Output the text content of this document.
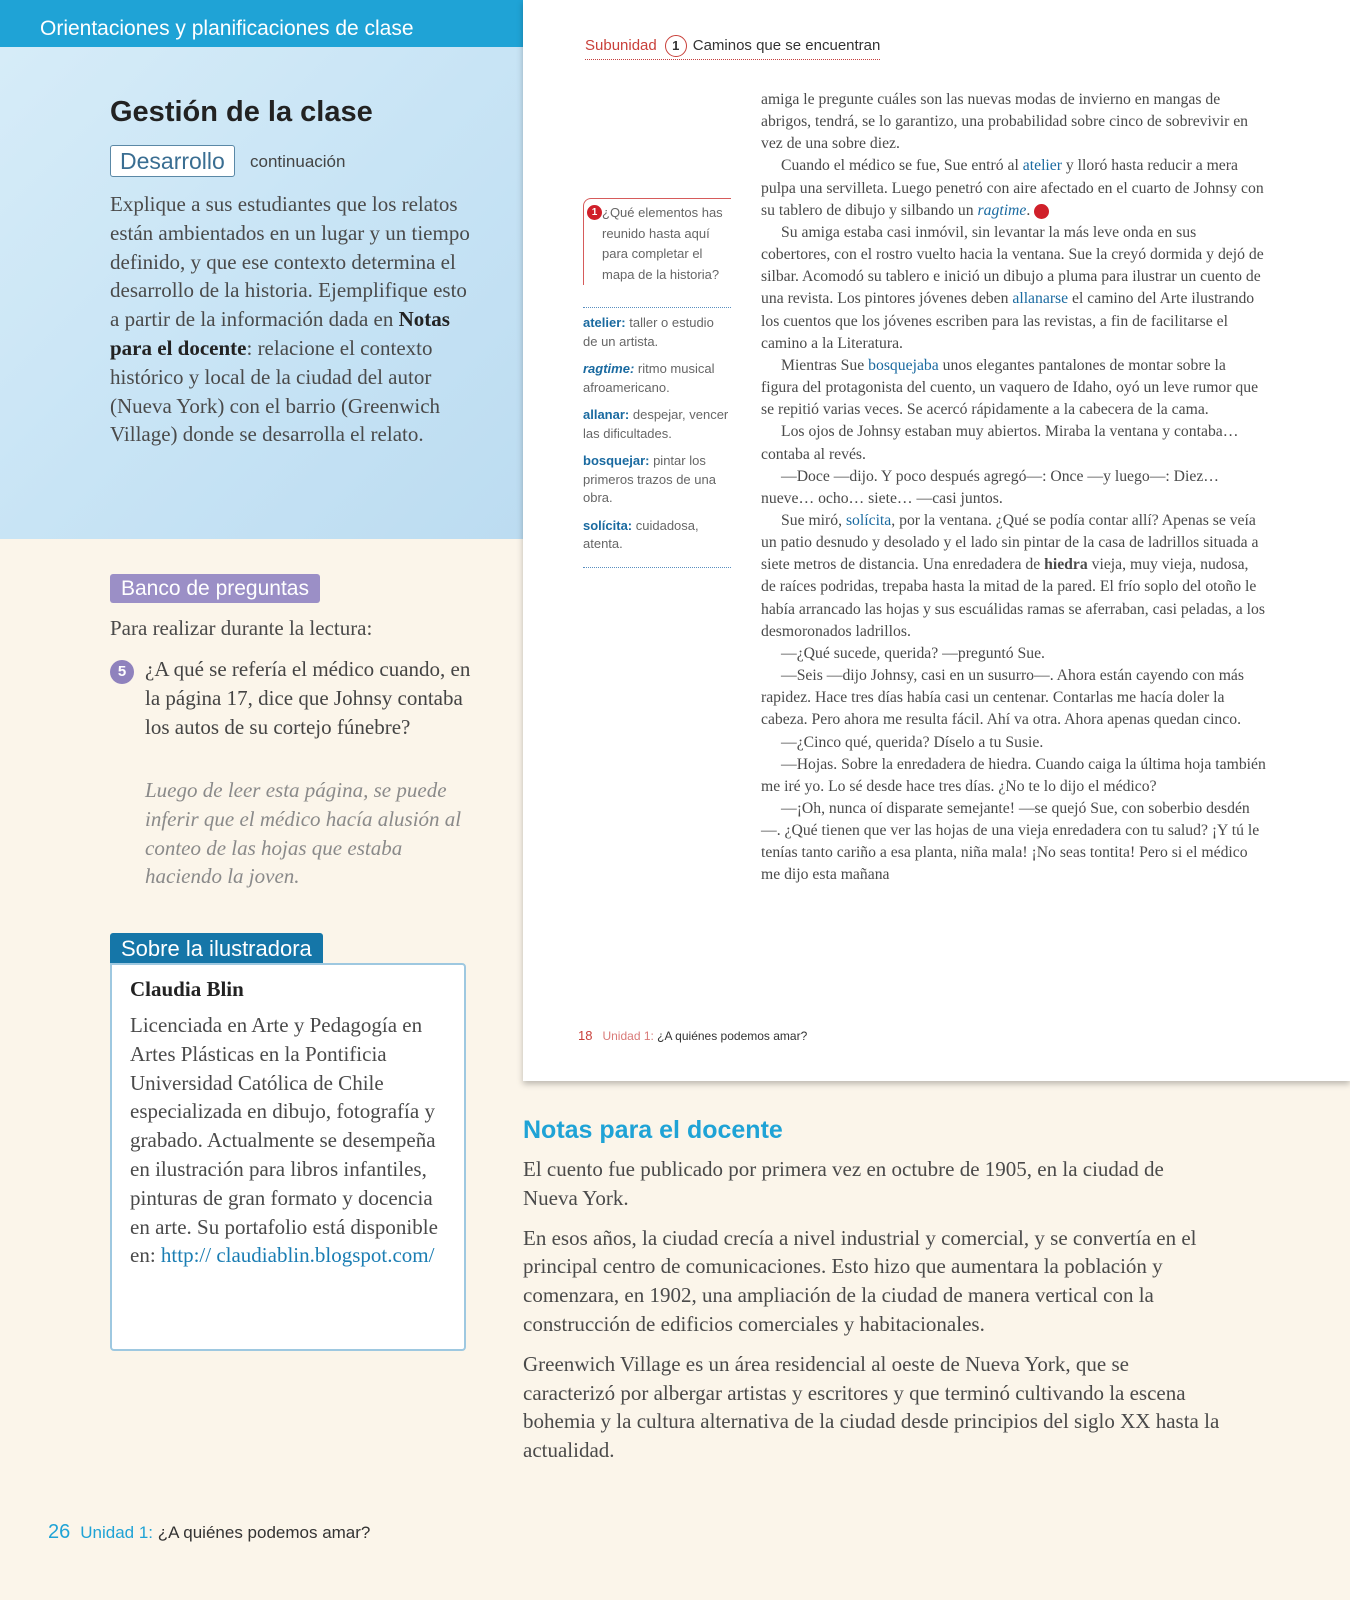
Orientaciones y planificaciones de clase
Gestión de la clase
Desarrollo	continuación

Explique a sus estudiantes que los relatos están ambientados en un lugar y un tiempo definido, y que ese contexto determina el desarrollo de la historia. Ejemplifique esto a partir de la información dada en Notas para el docente: relacione el contexto histórico y local de la ciudad del autor (Nueva York) con el barrio (Greenwich Village) donde se desarrolla el relato.

Banco de preguntas

Para realizar durante la lectura:

5 ¿A qué se refería el médico cuando, en la página 17, dice que Johnsy contaba los autos de su cortejo fúnebre?

Luego de leer esta página, se puede inferir que el médico hacía alusión al conteo de las hojas que estaba haciendo la joven.

Sobre la ilustradora

Claudia Blin

Licenciada en Arte y Pedagogía en Artes Plásticas en la Pontificia Universidad Católica de Chile especializada en dibujo, fotografía y grabado. Actualmente se desempeña en ilustración para libros infantiles, pinturas de gran formato y docencia en arte. Su portafolio está disponible en: http:// claudiablin.blogspot.com/

Subunidad 1 Caminos que se encuentran
1 ¿Qué elementos has reunido hasta aquí para completar el mapa de la historia?

atelier: taller o estudio de un artista.

ragtime: ritmo musical afroamericano.

allanar: despejar, vencer las dificultades.

bosquejar: pintar los primeros trazos de una obra.

solícita: cuidadosa, atenta.

amiga le pregunte cuáles son las nuevas modas de invierno en mangas de abrigos, tendrá, se lo garantizo, una probabilidad sobre cinco de sobrevivir en vez de una sobre diez.

Cuando el médico se fue, Sue entró al atelier y lloró hasta reducir a mera pulpa una servilleta. Luego penetró con aire afectado en el cuarto de Johnsy con su tablero de dibujo y silbando un ragtime. 1

Su amiga estaba casi inmóvil, sin levantar la más leve onda en sus cobertores, con el rostro vuelto hacia la ventana. Sue la creyó dormida y dejó de silbar. Acomodó su tablero e inició un dibujo a pluma para ilustrar un cuento de una revista. Los pintores jóvenes deben allanarse el camino del Arte ilustrando los cuentos que los jóvenes escriben para las revistas, a fin de facilitarse el camino a la Literatura.

Mientras Sue bosquejaba unos elegantes pantalones de montar sobre la figura del protagonista del cuento, un vaquero de Idaho, oyó un leve rumor que se repitió varias veces. Se acercó rápidamente a la cabecera de la cama.

Los ojos de Johnsy estaban muy abiertos. Miraba la ventana y contaba… contaba al revés.

—Doce —dijo. Y poco después agregó—: Once —y luego—: Diez… nueve… ocho… siete… —casi juntos.

Sue miró, solícita, por la ventana. ¿Qué se podía contar allí? Apenas se veía un patio desnudo y desolado y el lado sin pintar de la casa de ladrillos situada a siete metros de distancia. Una enredadera de hiedra vieja, muy vieja, nudosa, de raíces podridas, trepaba hasta la mitad de la pared. El frío soplo del otoño le había arrancado las hojas y sus escuálidas ramas se aferraban, casi peladas, a los desmoronados ladrillos.

—¿Qué sucede, querida? —preguntó Sue.

—Seis —dijo Johnsy, casi en un susurro—. Ahora están cayendo con más rapidez. Hace tres días había casi un centenar. Contarlas me hacía doler la cabeza. Pero ahora me resulta fácil. Ahí va otra. Ahora apenas quedan cinco.

—¿Cinco qué, querida? Díselo a tu Susie.

—Hojas. Sobre la enredadera de hiedra. Cuando caiga la última hoja también me iré yo. Lo sé desde hace tres días. ¿No te lo dijo el médico?

—¡Oh, nunca oí disparate semejante! —se quejó Sue, con soberbio desdén—. ¿Qué tienen que ver las hojas de una vieja enredadera con tu salud? ¡Y tú le tenías tanto cariño a esa planta, niña mala! ¡No seas tontita! Pero si el médico me dijo esta mañana

18 Unidad 1: ¿A quiénes podemos amar?
Notas para el docente

El cuento fue publicado por primera vez en octubre de 1905, en la ciudad de Nueva York.

En esos años, la ciudad crecía a nivel industrial y comercial, y se convertía en el principal centro de comunicaciones. Esto hizo que aumentara la población y comenzara, en 1902, una ampliación de la ciudad de manera vertical con la construcción de edificios comerciales y habitacionales.

Greenwich Village es un área residencial al oeste de Nueva York, que se caracterizó por albergar artistas y escritores y que terminó cultivando la escena bohemia y la cultura alternativa de la ciudad desde principios del siglo XX hasta la actualidad.

26 Unidad 1: ¿A quiénes podemos amar?
